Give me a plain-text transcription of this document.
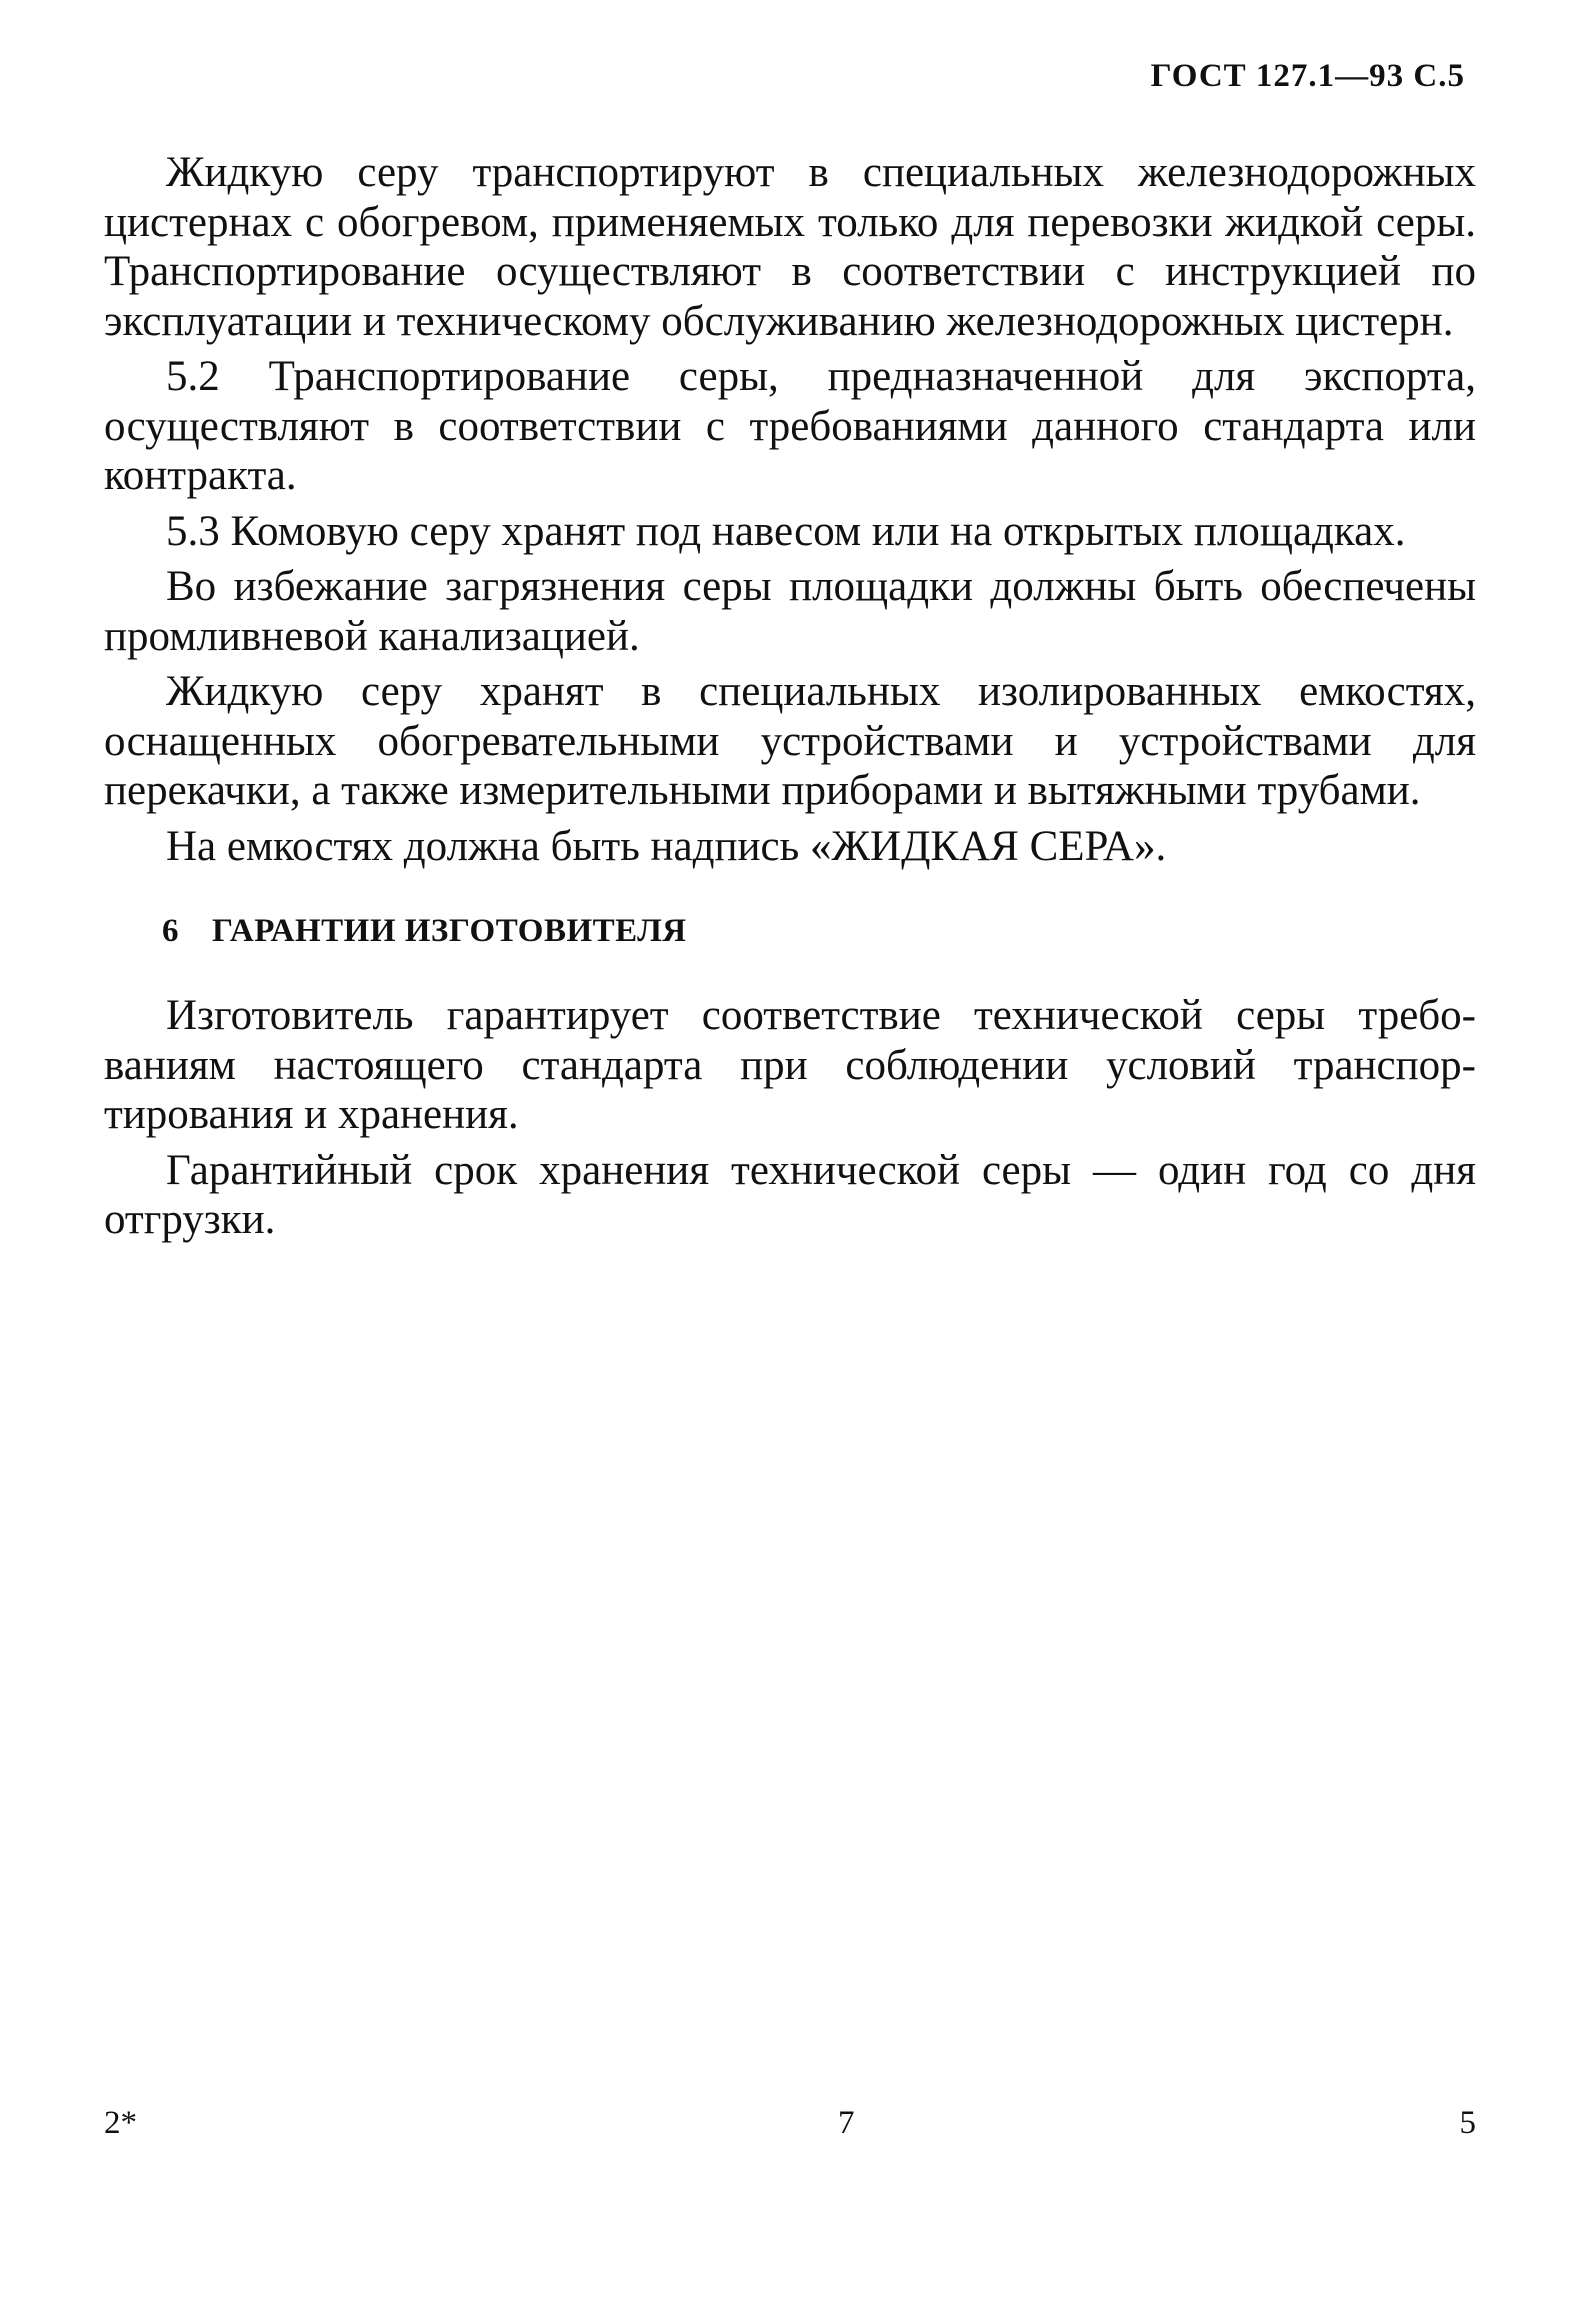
ГОСТ 127.1—93 С.5

Жидкую серу транспортируют в специальных железнодорожных цистернах с обогревом, применяемых только для перевозки жидкой серы. Транспортирование осуществляют в соответствии с инструкцией по эксплуатации и техническому обслуживанию железнодорожных цистерн.

5.2 Транспортирование серы, предназначенной для экспорта, осуществляют в соответствии с требованиями данного стандарта или контракта.

5.3 Комовую серу хранят под навесом или на открытых площадках.

Во избежание загрязнения серы площадки должны быть обеспечены промливневой канализацией.

Жидкую серу хранят в специальных изолированных емкостях, оснащенных обогревательными устройствами и устройствами для перекачки, а также измерительными приборами и вытяжными трубами.

На емкостях должна быть надпись «ЖИДКАЯ СЕРА».

6 ГАРАНТИИ ИЗГОТОВИТЕЛЯ

Изготовитель гарантирует соответствие технической серы требованиям настоящего стандарта при соблюдении условий транспортирования и хранения.

Гарантийный срок хранения технической серы — один год со дня отгрузки.

2*	7	5
